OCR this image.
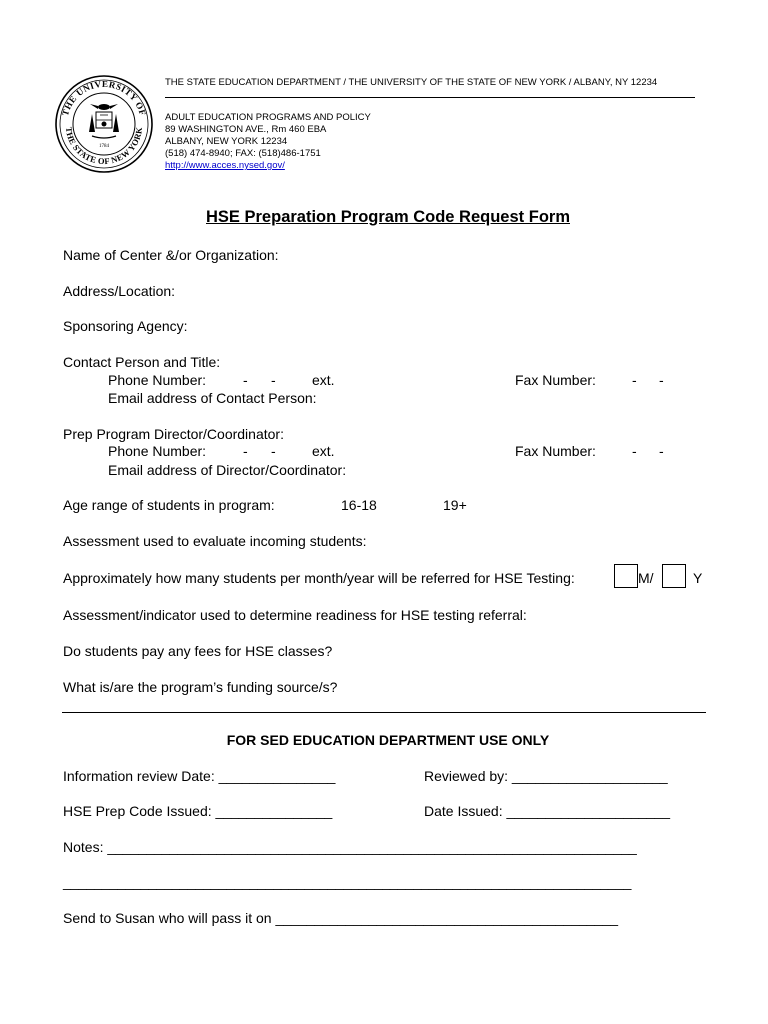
THE UNIVERSITY OF
THE STATE OF NEW YORK
1784
THE STATE EDUCATION DEPARTMENT / THE UNIVERSITY OF THE STATE OF NEW YORK / ALBANY, NY 12234
ADULT EDUCATION PROGRAMS AND POLICY
89 WASHINGTON AVE., Rm 460 EBA
ALBANY, NEW YORK 12234
(518) 474-8940; FAX: (518)486-1751
http://www.acces.nysed.gov/
HSE Preparation Program Code Request Form
Name of Center &/or Organization:
Address/Location:
Sponsoring Agency:
Contact Person and Title:
Phone Number:	- -	ext.	Fax Number:	- -
Email address of Contact Person:
Prep Program Director/Coordinator:
Phone Number:	- -	ext.	Fax Number:	- -
Email address of Director/Coordinator:
Age range of students in program:	16-18	19+
Assessment used to evaluate incoming students:
Approximately how many students per month/year will be referred for HSE Testing:	M/	Y
Assessment/indicator used to determine readiness for HSE testing referral:
Do students pay any fees for HSE classes?
What is/are the program’s funding source/s?
FOR SED EDUCATION DEPARTMENT USE ONLY
Information review Date: _______________	Reviewed by: ____________________
HSE Prep Code Issued: _______________	Date Issued: _____________________
Notes: ____________________________________________________________________
_________________________________________________________________________
Send to Susan who will pass it on ____________________________________________
